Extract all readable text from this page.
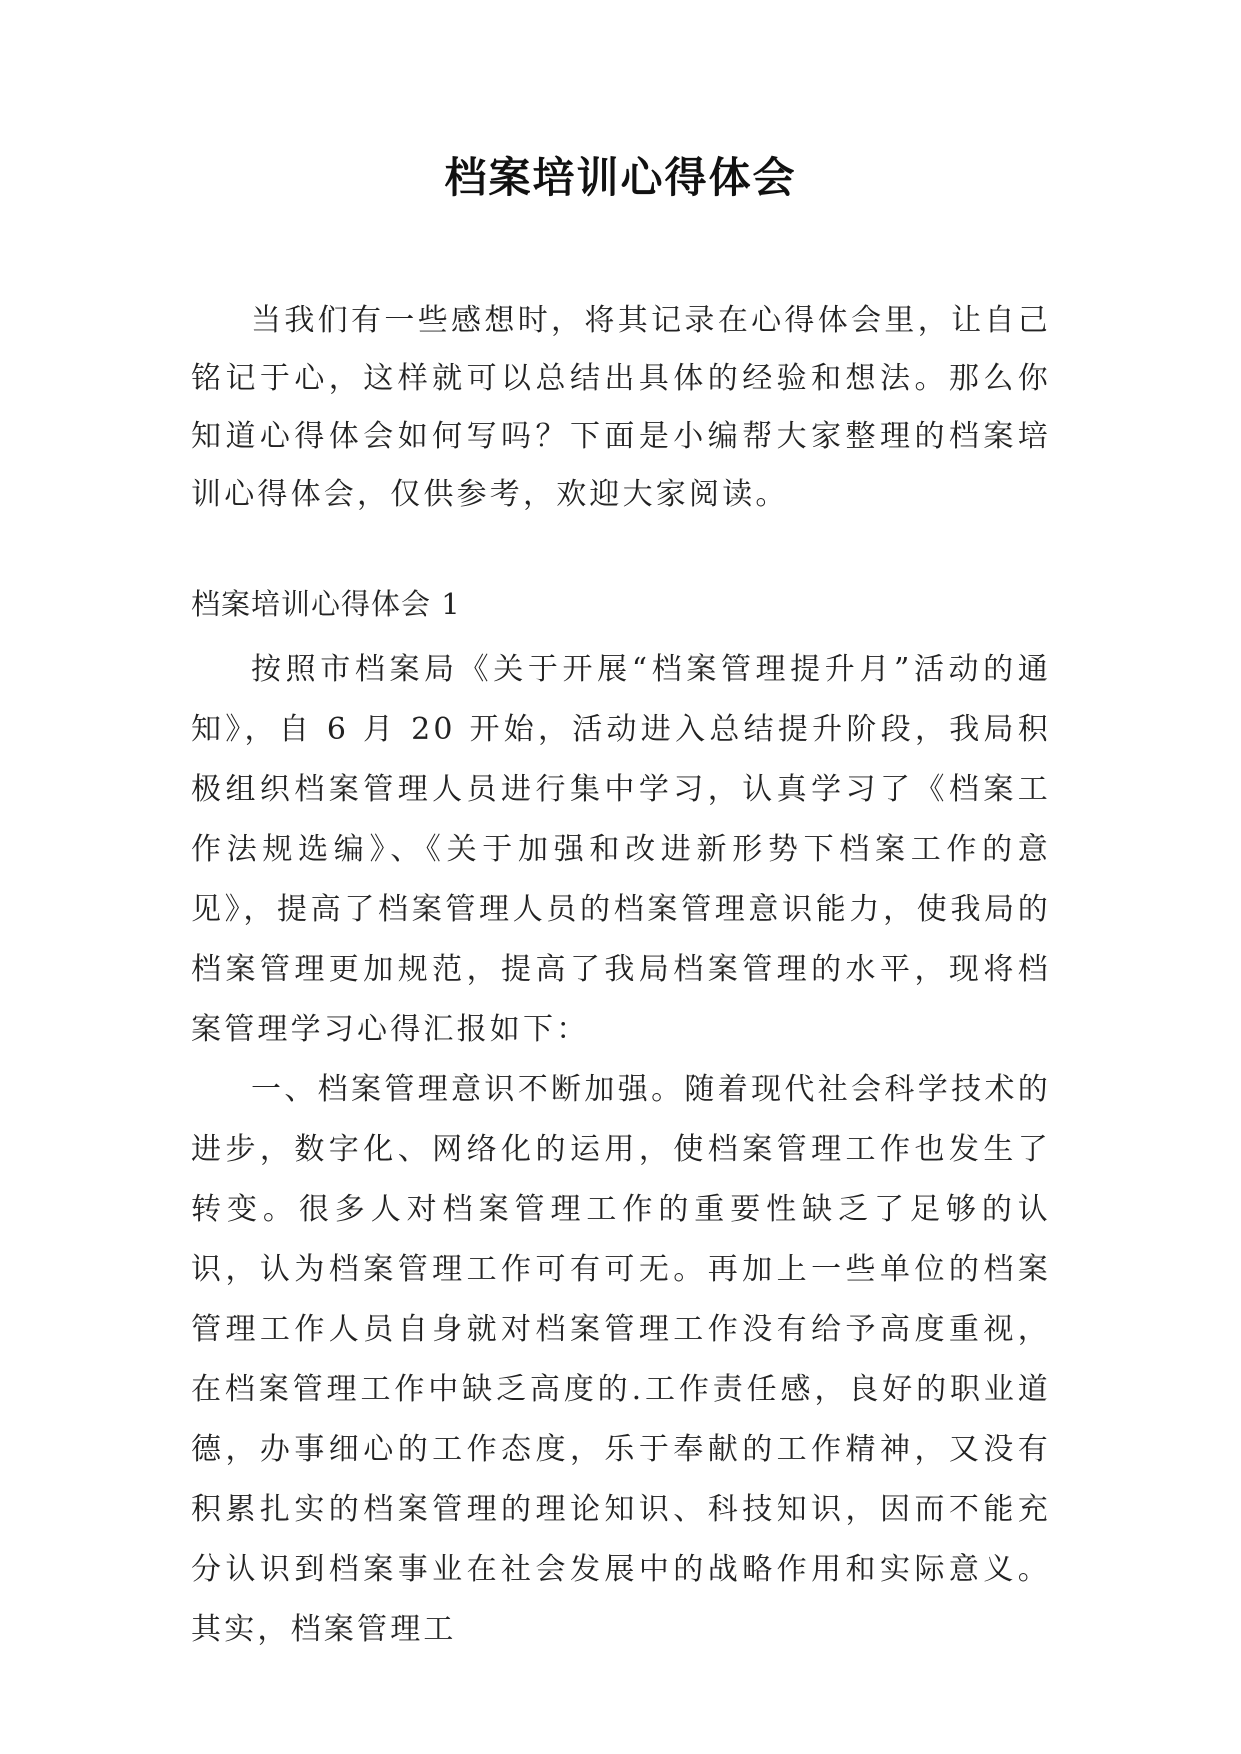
档案培训心得体会

当我们有一些感想时，将其记录在心得体会里，让自己铭记于心，这样就可以总结出具体的经验和想法。那么你知道心得体会如何写吗？下面是小编帮大家整理的档案培训心得体会，仅供参考，欢迎大家阅读。

档案培训心得体会 1

按照市档案局《关于开展“档案管理提升月”活动的通知》，自 6 月 20 开始，活动进入总结提升阶段，我局积极组织档案管理人员进行集中学习，认真学习了《档案工作法规选编》、《关于加强和改进新形势下档案工作的意见》，提高了档案管理人员的档案管理意识能力，使我局的档案管理更加规范，提高了我局档案管理的水平，现将档案管理学习心得汇报如下：

一、档案管理意识不断加强。随着现代社会科学技术的进步，数字化、网络化的运用，使档案管理工作也发生了转变。很多人对档案管理工作的重要性缺乏了足够的认识，认为档案管理工作可有可无。再加上一些单位的档案管理工作人员自身就对档案管理工作没有给予高度重视，在档案管理工作中缺乏高度的.工作责任感，良好的职业道德，办事细心的工作态度，乐于奉献的工作精神，又没有积累扎实的档案管理的理论知识、科技知识，因而不能充分认识到档案事业在社会发展中的战略作用和实际意义。其实，档案管理工
